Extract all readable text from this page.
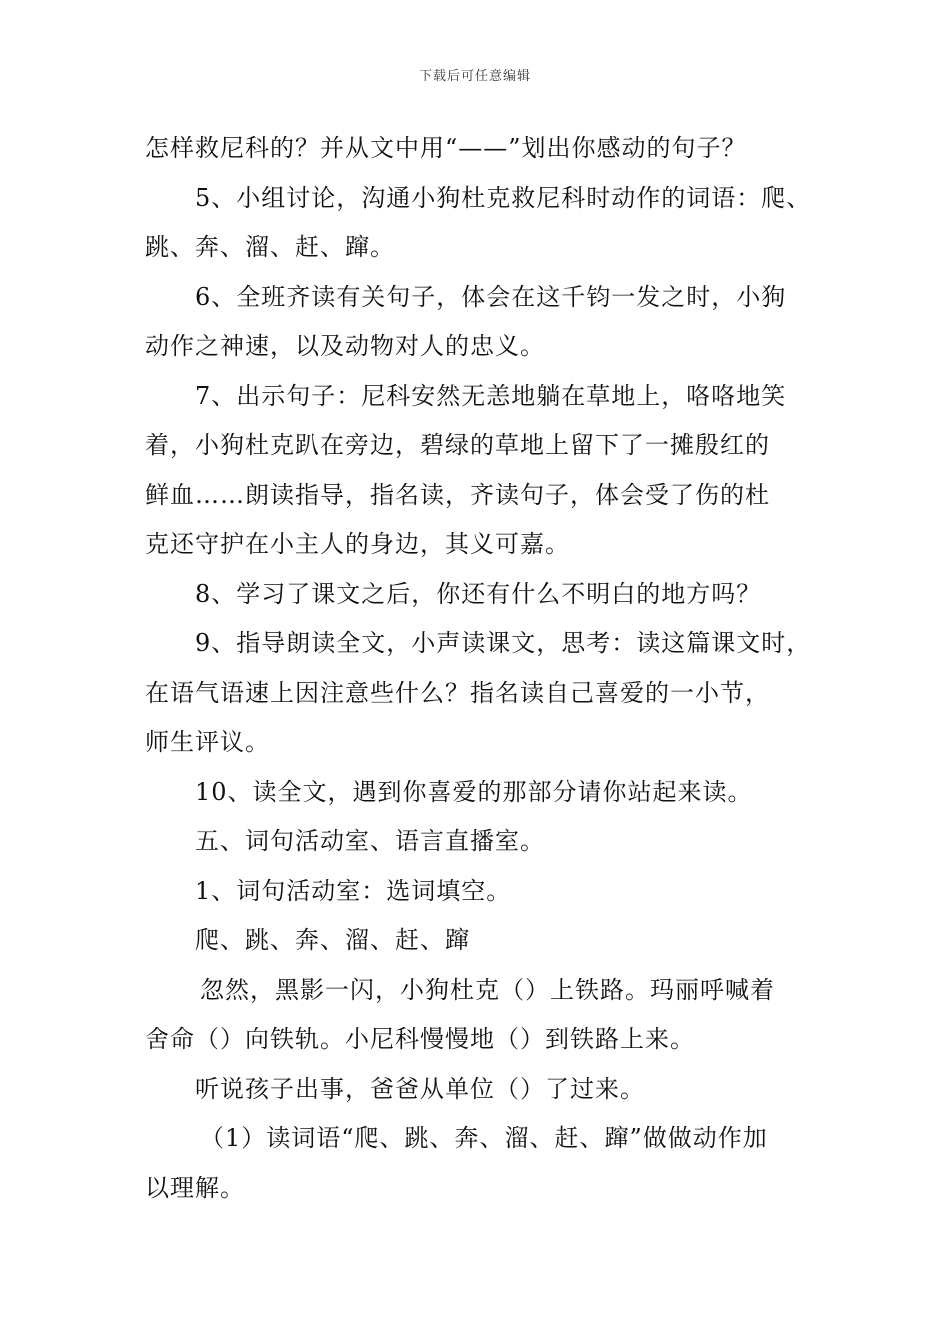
下载后可任意编辑
怎样救尼科的？并从文中用“——”划出你感动的句子？
5、小组讨论，沟通小狗杜克救尼科时动作的词语：爬、
跳、奔、溜、赶、蹿。
6、全班齐读有关句子，体会在这千钧一发之时，小狗
动作之神速，以及动物对人的忠义。
7、出示句子：尼科安然无恙地躺在草地上，咯咯地笑
着，小狗杜克趴在旁边，碧绿的草地上留下了一摊殷红的
鲜血……朗读指导，指名读，齐读句子，体会受了伤的杜
克还守护在小主人的身边，其义可嘉。
8、学习了课文之后，你还有什么不明白的地方吗？
9、指导朗读全文，小声读课文，思考：读这篇课文时，
在语气语速上因注意些什么？指名读自己喜爱的一小节，
师生评议。
10、读全文，遇到你喜爱的那部分请你站起来读。
五、词句活动室、语言直播室。
1、词句活动室：选词填空。
爬、跳、奔、溜、赶、蹿
忽然，黑影一闪，小狗杜克（）上铁路。玛丽呼喊着
舍命（）向铁轨。小尼科慢慢地（）到铁路上来。
听说孩子出事，爸爸从单位（）了过来。
（1）读词语“爬、跳、奔、溜、赶、蹿”做做动作加
以理解。
